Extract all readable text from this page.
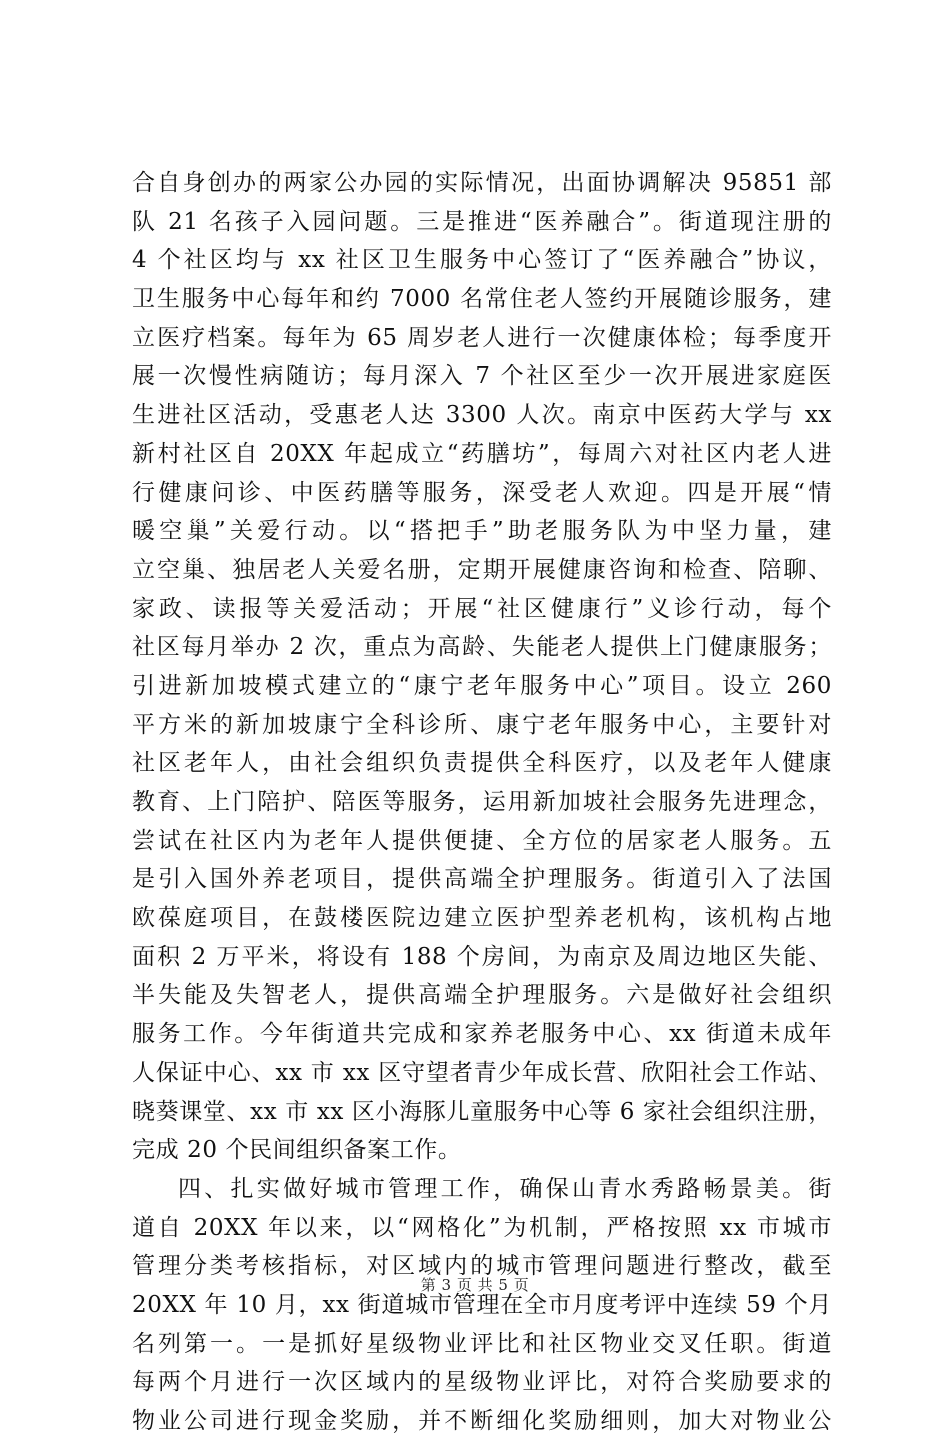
合自身创办的两家公办园的实际情况，出面协调解决 95851 部
队 21 名孩子入园问题。三是推进“医养融合”。街道现注册的
4 个社区均与 xx 社区卫生服务中心签订了“医养融合”协议，
卫生服务中心每年和约 7000 名常住老人签约开展随诊服务，建
立医疗档案。每年为 65 周岁老人进行一次健康体检；每季度开
展一次慢性病随访；每月深入 7 个社区至少一次开展进家庭医
生进社区活动，受惠老人达 3300 人次。南京中医药大学与 xx
新村社区自 20XX 年起成立“药膳坊”，每周六对社区内老人进
行健康问诊、中医药膳等服务，深受老人欢迎。四是开展“情
暖空巢”关爱行动。以“搭把手”助老服务队为中坚力量，建
立空巢、独居老人关爱名册，定期开展健康咨询和检查、陪聊、
家政、读报等关爱活动；开展“社区健康行”义诊行动，每个
社区每月举办 2 次，重点为高龄、失能老人提供上门健康服务；
引进新加坡模式建立的“康宁老年服务中心”项目。设立 260
平方米的新加坡康宁全科诊所、康宁老年服务中心，主要针对
社区老年人，由社会组织负责提供全科医疗，以及老年人健康
教育、上门陪护、陪医等服务，运用新加坡社会服务先进理念，
尝试在社区内为老年人提供便捷、全方位的居家老人服务。五
是引入国外养老项目，提供高端全护理服务。街道引入了法国
欧葆庭项目，在鼓楼医院边建立医护型养老机构，该机构占地
面积 2 万平米，将设有 188 个房间，为南京及周边地区失能、
半失能及失智老人，提供高端全护理服务。六是做好社会组织
服务工作。今年街道共完成和家养老服务中心、xx 街道未成年
人保证中心、xx 市 xx 区守望者青少年成长营、欣阳社会工作站、
晓葵课堂、xx 市 xx 区小海豚儿童服务中心等 6 家社会组织注册，
完成 20 个民间组织备案工作。
四、扎实做好城市管理工作，确保山青水秀路畅景美。街
道自 20XX 年以来，以“网格化”为机制，严格按照 xx 市城市
管理分类考核指标，对区域内的城市管理问题进行整改，截至
20XX 年 10 月，xx 街道城市管理在全市月度考评中连续 59 个月
名列第一。一是抓好星级物业评比和社区物业交叉任职。街道
每两个月进行一次区域内的星级物业评比，对符合奖励要求的
物业公司进行现金奖励，并不断细化奖励细则，加大对物业公
第 3 页 共 5 页
